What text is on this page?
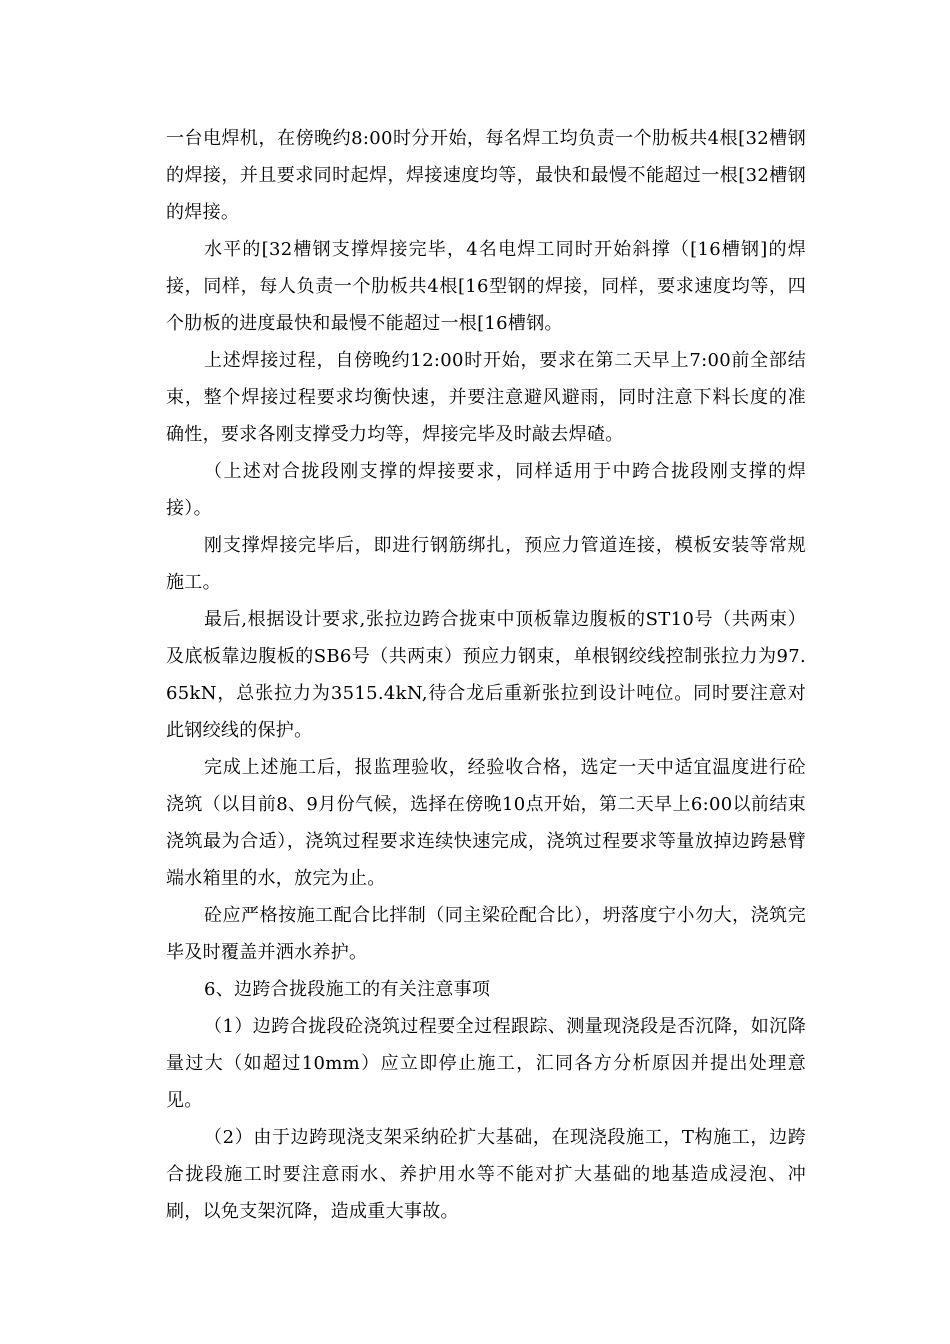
一台电焊机，在傍晚约8:00时分开始，每名焊工均负责一个肋板共4根[32槽钢的焊接，并且要求同时起焊，焊接速度均等，最快和最慢不能超过一根[32槽钢的焊接。

水平的[32槽钢支撑焊接完毕，4名电焊工同时开始斜撑（[16槽钢]的焊接，同样，每人负责一个肋板共4根[16型钢的焊接，同样，要求速度均等，四个肋板的进度最快和最慢不能超过一根[16槽钢。

上述焊接过程，自傍晚约12:00时开始，要求在第二天早上7:00前全部结束，整个焊接过程要求均衡快速，并要注意避风避雨，同时注意下料长度的准确性，要求各刚支撑受力均等，焊接完毕及时敲去焊碴。

（上述对合拢段刚支撑的焊接要求，同样适用于中跨合拢段刚支撑的焊接）。

刚支撑焊接完毕后，即进行钢筋绑扎，预应力管道连接，模板安装等常规施工。

最后,根据设计要求,张拉边跨合拢束中顶板靠边腹板的ST10号（共两束）及底板靠边腹板的SB6号（共两束）预应力钢束，单根钢绞线控制张拉力为97.65kN，总张拉力为3515.4kN,待合龙后重新张拉到设计吨位。同时要注意对此钢绞线的保护。

完成上述施工后，报监理验收，经验收合格，选定一天中适宜温度进行砼浇筑（以目前8、9月份气候，选择在傍晚10点开始，第二天早上6:00以前结束浇筑最为合适），浇筑过程要求连续快速完成，浇筑过程要求等量放掉边跨悬臂端水箱里的水，放完为止。

砼应严格按施工配合比拌制（同主梁砼配合比），坍落度宁小勿大，浇筑完毕及时覆盖并洒水养护。

6、边跨合拢段施工的有关注意事项

（1）边跨合拢段砼浇筑过程要全过程跟踪、测量现浇段是否沉降，如沉降量过大（如超过10mm）应立即停止施工，汇同各方分析原因并提出处理意见。

（2）由于边跨现浇支架采纳砼扩大基础，在现浇段施工，T构施工，边跨合拢段施工时要注意雨水、养护用水等不能对扩大基础的地基造成浸泡、冲刷，以免支架沉降，造成重大事故。
